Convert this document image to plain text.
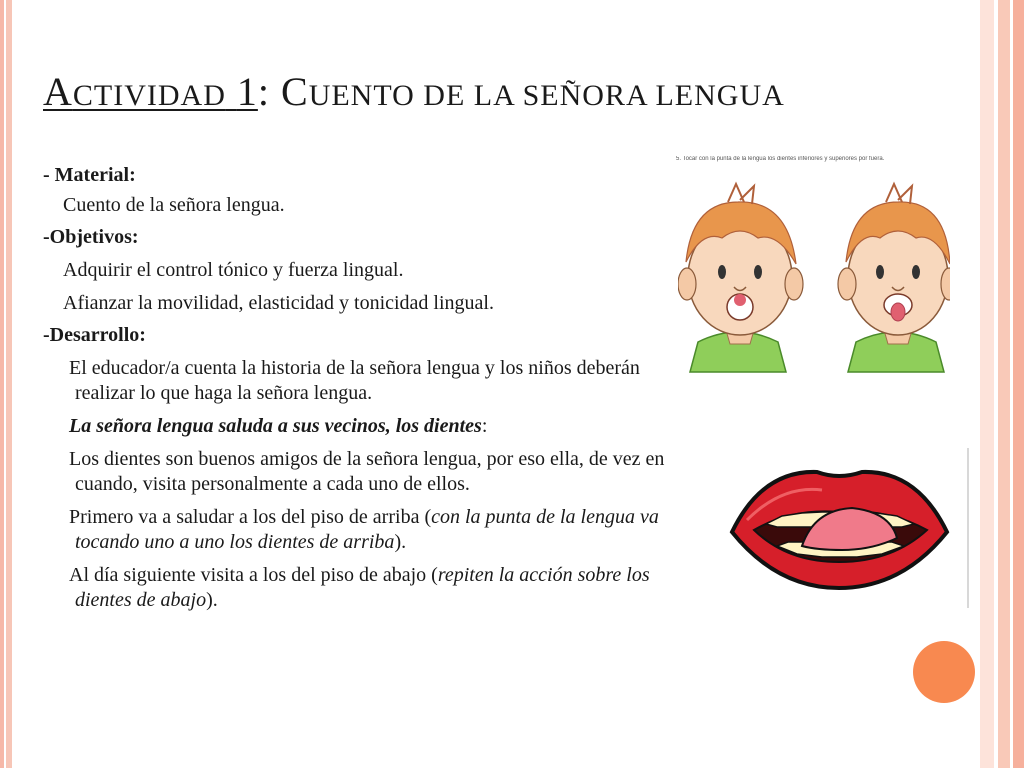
ACTIVIDAD 1: CUENTO DE LA SEÑORA LENGUA

- Material:

Cuento de la señora lengua.

-Objetivos:

Adquirir el control tónico y fuerza lingual.

Afianzar la movilidad, elasticidad y tonicidad lingual.

-Desarrollo:

El educador/a cuenta la historia de la señora lengua y los niños deberán realizar lo que haga la señora lengua.

La señora lengua saluda a sus vecinos, los dientes:

Los dientes son buenos amigos de la señora lengua, por eso ella, de vez en cuando, visita personalmente a cada uno de ellos.

Primero va a saludar a los del piso de arriba (con la punta de la lengua va tocando uno a uno los dientes de arriba).

Al día siguiente visita a los del piso de abajo (repiten la acción sobre los dientes de abajo).

5. Tocar con la punta de la lengua los dientes inferiores y superiores por fuera.
